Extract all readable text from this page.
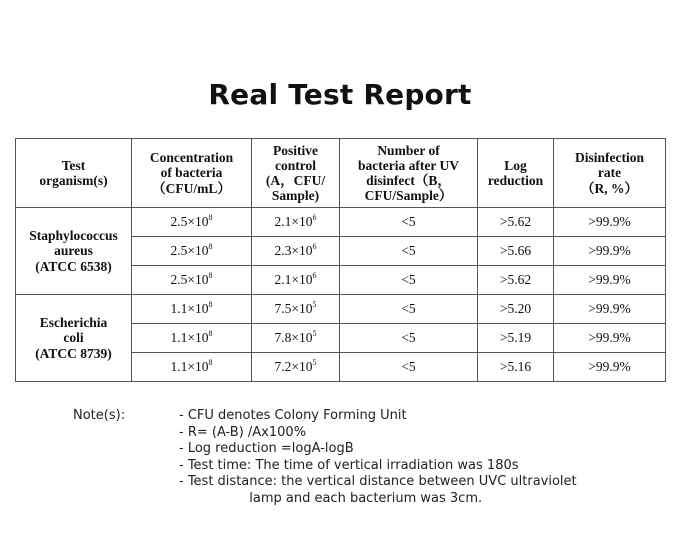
Real Test Report
Test
organism(s)	Concentration
of bacteria
（CFU/mL）	Positive
control
(A，CFU/
Sample)	Number of
bacteria after UV
disinfect（B，
CFU/Sample）	Log
reduction	Disinfection
rate
（R, %）
Staphylococcus
aureus
(ATCC 6538)	$2.5\times 10^8$	$2.1\times 10^6$	<5	>5.62	>99.9%
	$2.5\times 10^8$	$2.3\times 10^6$	<5	>5.66	>99.9%
	$2.5\times 10^8$	$2.1\times 10^6$	<5	>5.62	>99.9%
Escherichia
coli
(ATCC 8739)	$1.1\times 10^8$	$7.5\times 10^5$	<5	>5.20	>99.9%
	$1.1\times 10^8$	$7.8\times 10^5$	<5	>5.19	>99.9%
	$1.1\times 10^8$	$7.2\times 10^5$	<5	>5.16	>99.9%
Note(s):	- CFU denotes Colony Forming Unit
- R= (A-B) /Ax100%
- Log reduction =logA-logB
- Test time: The time of vertical irradiation was 180s
- Test distance: the vertical distance between UVC ultraviolet
lamp and each bacterium was 3cm.
